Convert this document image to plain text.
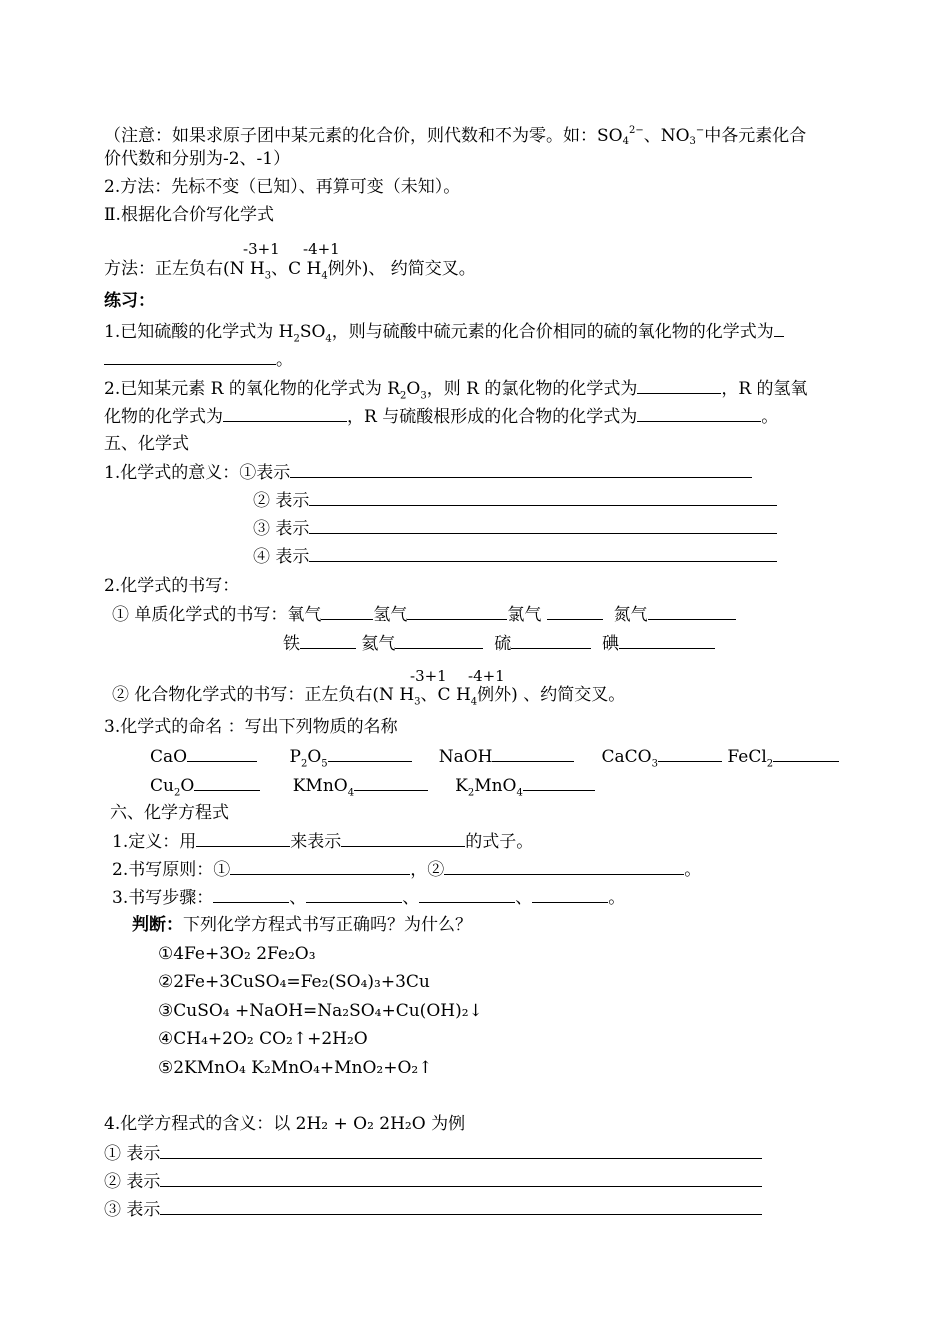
（注意：如果求原子团中某元素的化合价，则代数和不为零。如：$SO4^{2-}$、NO3−中各元素化合
价代数和分别为-2、-1）
2.方法：先标不变（已知）、再算可变（未知）。
Ⅱ.根据化合价写化学式
-3+1 -4+1
方法：正左负右(N $H_3$、C $H_4$例外)、 约简交叉。
练习：
1.已知硫酸的化学式为 $H_2SO_4$，则与硫酸中硫元素的化合价相同的硫的氧化物的化学式为
。
2.已知某元素 R 的氧化物的化学式为 $R_2O_3$，则 R 的氯化物的化学式为	，R 的氢氧
化物的化学式为	，R 与硫酸根形成的化合物的化学式为	。
五、化学式
1.化学式的意义：①表示
② 表示
③ 表示
④ 表示
2.化学式的书写：
① 单质化学式的书写：氧气	氢气	氯气	氮气
铁	氦气	硫	碘
-3+1 -4+1
② 化合物化学式的书写：正左负右(N $H_3$、C $H_4$例外) 、约简交叉。
3.化学式的命名 ：写出下列物质的名称
CaO	$P_2O_5$	NaOH	CaCO$_3$	FeCl$_2$
$Cu_2O$	KMnO$_4$	$K_2MnO_4$
六、化学方程式
1.定义：用	来表示	的式子。
2.书写原则：①	，②	。
3.书写步骤：	、	、	、	。
判断：下列化学方程式书写正确吗？为什么？
①4Fe+3O₂ 2Fe₂O₃
②2Fe+3CuSO₄=Fe₂(SO₄)₃+3Cu
③CuSO₄ +NaOH=Na₂SO₄+Cu(OH)₂↓
④CH₄+2O₂ CO₂↑+2H₂O
⑤2KMnO₄ K₂MnO₄+MnO₂+O₂↑
4.化学方程式的含义：以 2H₂ + O₂ 2H₂O 为例
① 表示
② 表示
③ 表示
